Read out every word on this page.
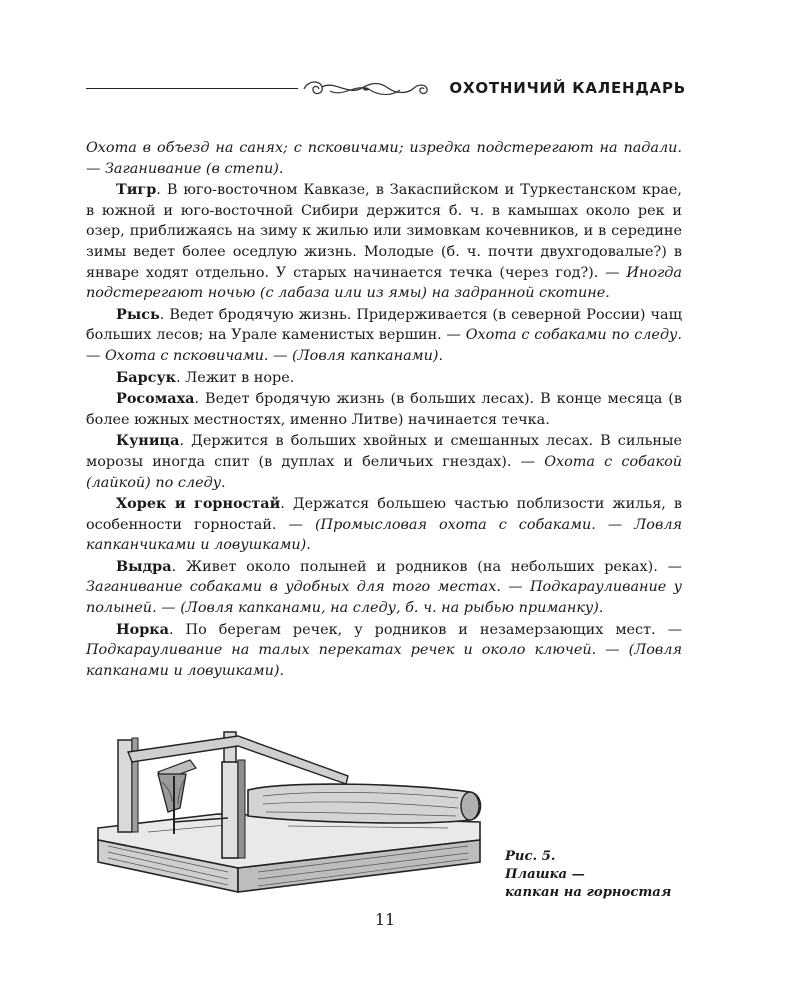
ОХОТНИЧИЙ КАЛЕНДАРЬ

Охота в объезд на санях; с псковичами; изредка подстерегают на падали. — Заганивание (в степи).

Тигр. В юго-восточном Кавказе, в Закаспийском и Туркестанском крае, в южной и юго-восточной Сибири держится б. ч. в камышах около рек и озер, приближаясь на зиму к жилью или зимовкам кочевников, и в середине зимы ведет более оседлую жизнь. Молодые (б. ч. почти двухгодовалые?) в январе ходят отдельно. У старых начинается течка (через год?). — Иногда подстерегают ночью (с лабаза или из ямы) на задранной скотине.

Рысь. Ведет бродячую жизнь. Придерживается (в северной России) чащ больших лесов; на Урале каменистых вершин. — Охота с собаками по следу. — Охота с псковичами. — (Ловля капканами).

Барсук. Лежит в норе.

Росомаха. Ведет бродячую жизнь (в больших лесах). В конце месяца (в более южных местностях, именно Литве) начинается течка.

Куница. Держится в больших хвойных и смешанных лесах. В сильные морозы иногда спит (в дуплах и беличьих гнездах). — Охота с собакой (лайкой) по следу.

Хорек и горностай. Держатся большею частью поблизости жилья, в особенности горностай. — (Промысловая охота с собаками. — Ловля капканчиками и ловушками).

Выдра. Живет около полыней и родников (на небольших реках). — Заганивание собаками в удобных для того местах. — Подкарауливание у полыней. — (Ловля капканами, на следу, б. ч. на рыбью приманку).

Норка. По берегам речек, у родников и незамерзающих мест. — Подкарауливание на талых перекатах речек и около ключей. — (Ловля капканами и ловушками).

Рис. 5.
Плашка —
капкан на горностая
11
